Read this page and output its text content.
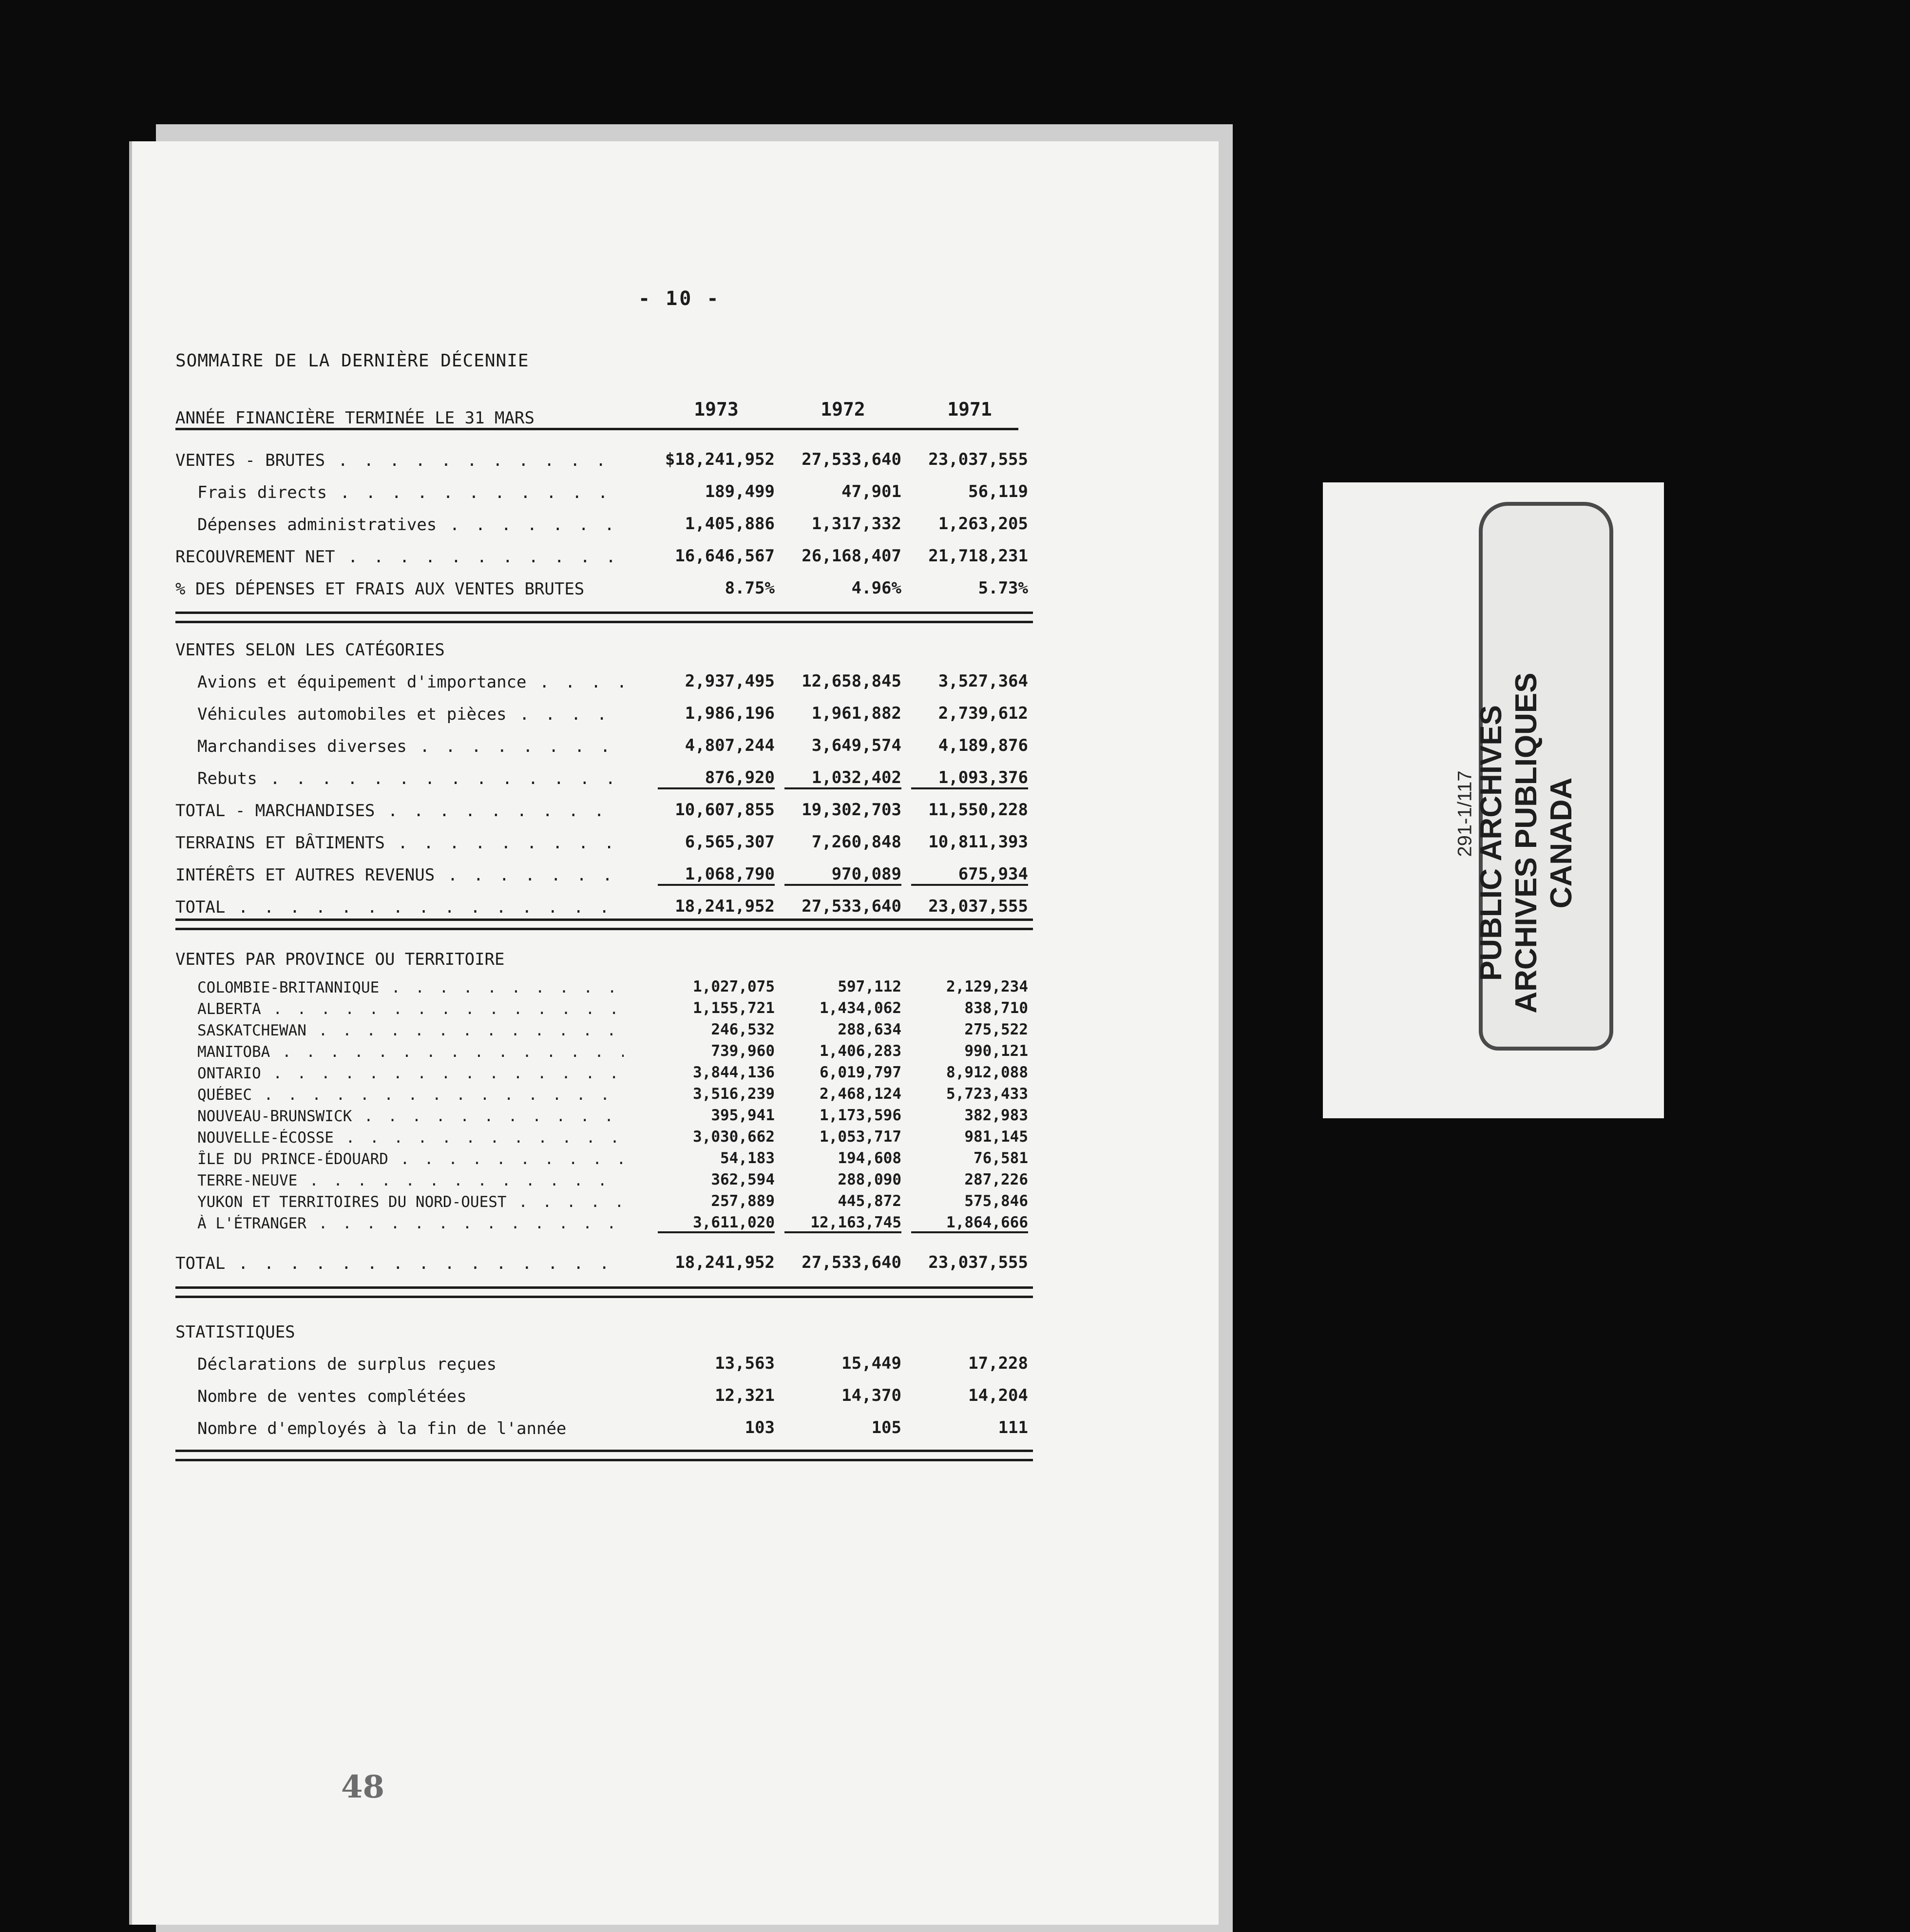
- 10 -
SOMMAIRE DE LA DERNIÈRE DÉCENNIE
ANNÉE FINANCIÈRE TERMINÉE LE 31 MARS	1973	1972	1971
VENTES - BRUTES . . .	$18,241,952	27,533,640	23,037,555
Frais directs . . .	189,499	47,901	56,119
Dépenses administratives . . .	1,405,886	1,317,332	1,263,205
RECOUVREMENT NET . . .	16,646,567	26,168,407	21,718,231
% DES DÉPENSES ET FRAIS AUX VENTES BRUTES	8.75%	4.96%	5.73%
VENTES SELON LES CATÉGORIES
Avions et équipement d'importance . . .	2,937,495	12,658,845	3,527,364
Véhicules automobiles et pièces . . .	1,986,196	1,961,882	2,739,612
Marchandises diverses . . .	4,807,244	3,649,574	4,189,876
Rebuts . . .	876,920	1,032,402	1,093,376
TOTAL - MARCHANDISES . . .	10,607,855	19,302,703	11,550,228
TERRAINS ET BÂTIMENTS . . .	6,565,307	7,260,848	10,811,393
INTÉRÊTS ET AUTRES REVENUS . . .	1,068,790	970,089	675,934
TOTAL . . .	18,241,952	27,533,640	23,037,555
VENTES PAR PROVINCE OU TERRITOIRE
COLOMBIE-BRITANNIQUE . . .	1,027,075	597,112	2,129,234
ALBERTA . . .	1,155,721	1,434,062	838,710
SASKATCHEWAN . . .	246,532	288,634	275,522
MANITOBA . . .	739,960	1,406,283	990,121
ONTARIO . . .	3,844,136	6,019,797	8,912,088
QUÉBEC . . .	3,516,239	2,468,124	5,723,433
NOUVEAU-BRUNSWICK . . .	395,941	1,173,596	382,983
NOUVELLE-ÉCOSSE . . .	3,030,662	1,053,717	981,145
ÎLE DU PRINCE-ÉDOUARD . . .	54,183	194,608	76,581
TERRE-NEUVE . . .	362,594	288,090	287,226
YUKON ET TERRITOIRES DU NORD-OUEST . . .	257,889	445,872	575,846
À L'ÉTRANGER . . .	3,611,020	12,163,745	1,864,666
TOTAL . . .	18,241,952	27,533,640	23,037,555
STATISTIQUES
Déclarations de surplus reçues	13,563	15,449	17,228
Nombre de ventes complétées	12,321	14,370	14,204
Nombre d'employés à la fin de l'année	103	105	111
48
PUBLIC ARCHIVES ARCHIVES PUBLIQUES CANADA
291-1/117
